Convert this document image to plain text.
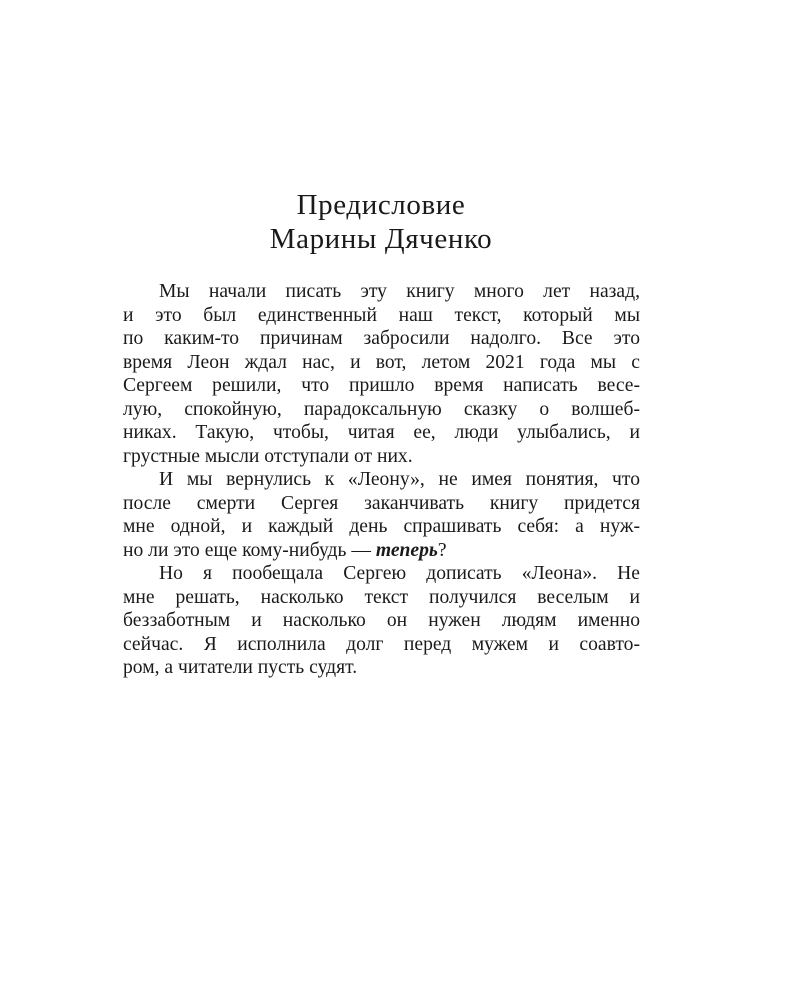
Предисловие
Марины Дяченко

Мы начали писать эту книгу много лет назад,
и это был единственный наш текст, который мы
по каким-то причинам забросили надолго. Все это
время Леон ждал нас, и вот, летом 2021 года мы с
Сергеем решили, что пришло время написать весе-
лую, спокойную, парадоксальную сказку о волшеб-
никах. Такую, чтобы, читая ее, люди улыбались, и
грустные мысли отступали от них.

И мы вернулись к «Леону», не имея понятия, что
после смерти Сергея заканчивать книгу придется
мне одной, и каждый день спрашивать себя: а нуж-
но ли это еще кому-нибудь — теперь?

Но я пообещала Сергею дописать «Леона». Не
мне решать, насколько текст получился веселым и
беззаботным и насколько он нужен людям именно
сейчас. Я исполнила долг перед мужем и соавто-
ром, а читатели пусть судят.
